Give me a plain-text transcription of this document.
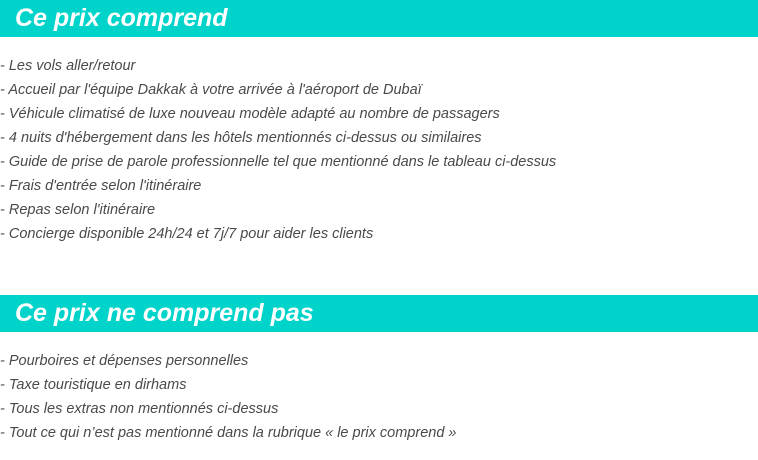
Ce prix comprend
- Les vols aller/retour
- Accueil par l'équipe Dakkak à votre arrivée à l'aéroport de Dubaï
- Véhicule climatisé de luxe nouveau modèle adapté au nombre de passagers
- 4 nuits d'hébergement dans les hôtels mentionnés ci-dessus ou similaires
- Guide de prise de parole professionnelle tel que mentionné dans le tableau ci-dessus
- Frais d'entrée selon l'itinéraire
- Repas selon l'itinéraire
- Concierge disponible 24h/24 et 7j/7 pour aider les clients
Ce prix ne comprend pas
- Pourboires et dépenses personnelles
- Taxe touristique en dirhams
- Tous les extras non mentionnés ci-dessus
- Tout ce qui n’est pas mentionné dans la rubrique « le prix comprend »
